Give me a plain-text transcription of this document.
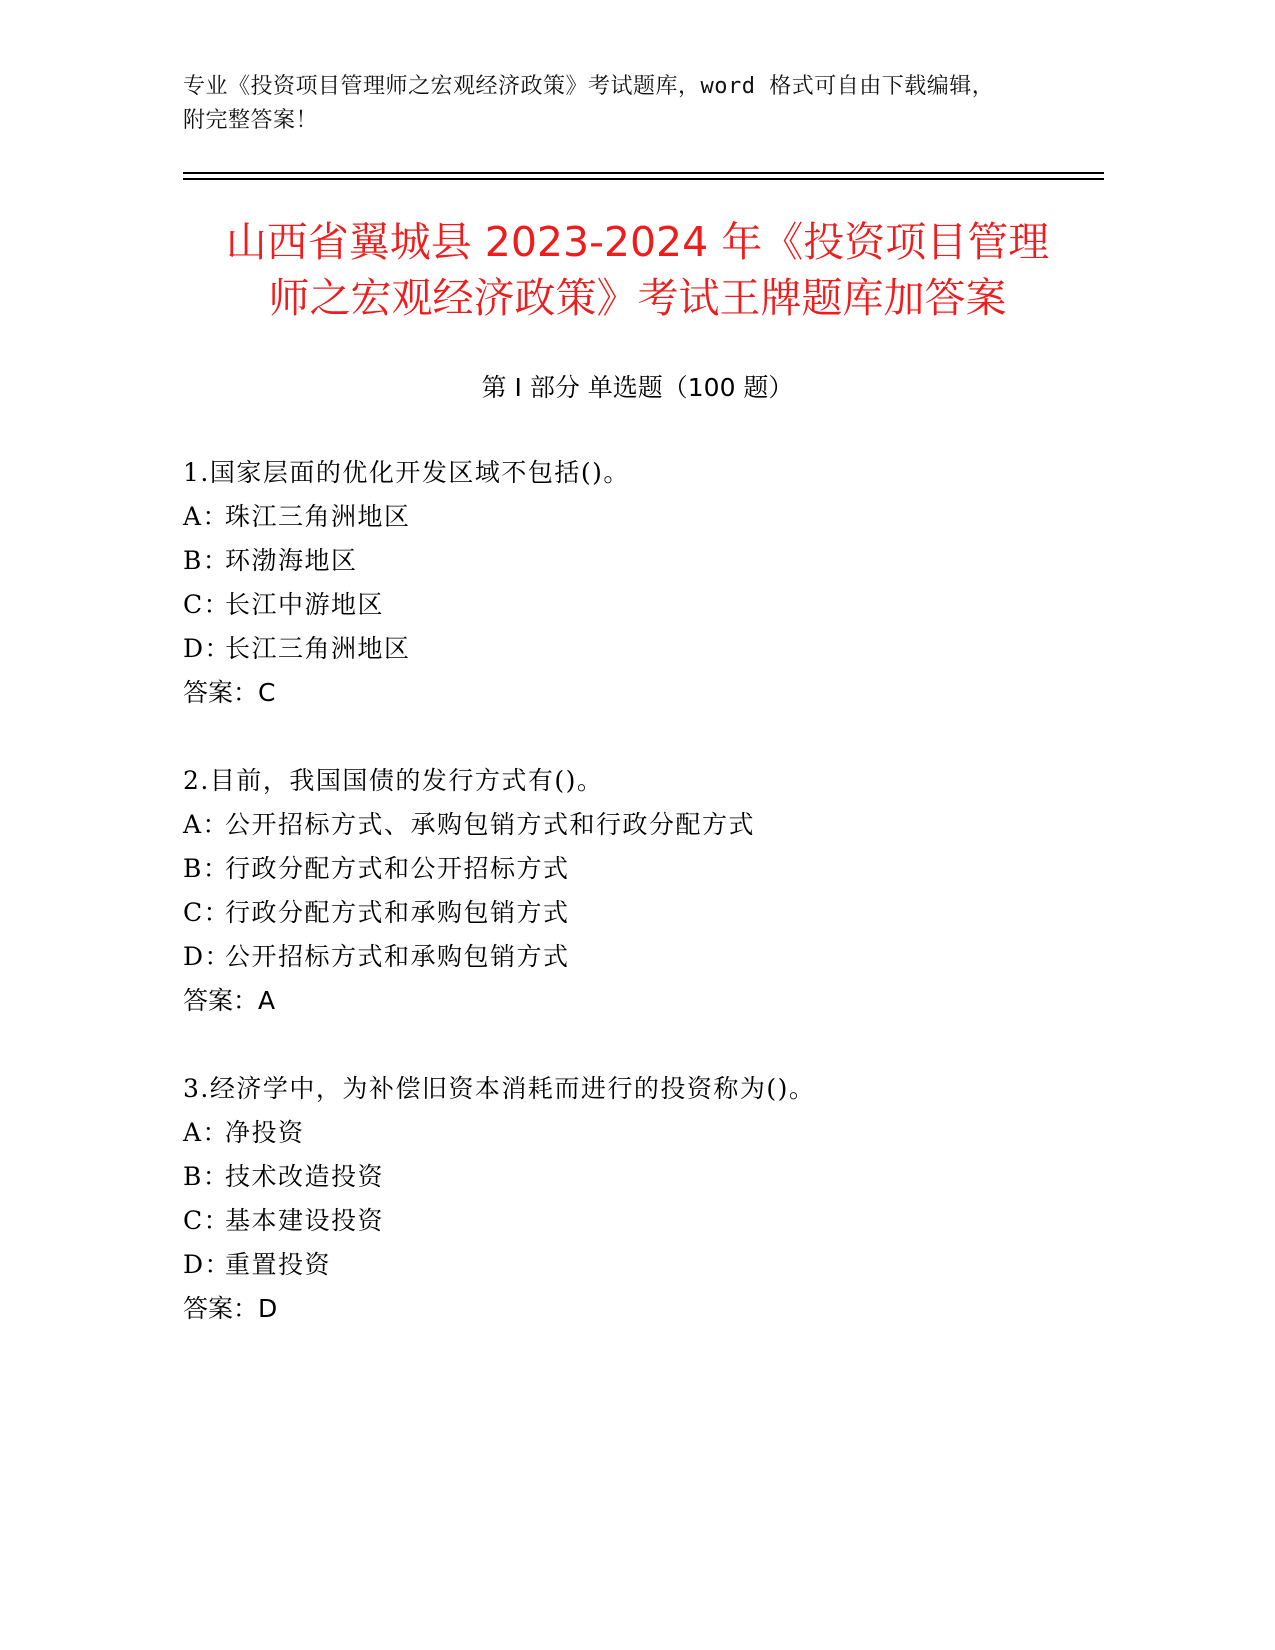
专业《投资项目管理师之宏观经济政策》考试题库，word 格式可自由下载编辑，
附完整答案！
山西省翼城县 2023-2024 年《投资项目管理
师之宏观经济政策》考试王牌题库加答案
第 I 部分 单选题（100 题）
1.国家层面的优化开发区域不包括()。
A：珠江三角洲地区
B：环渤海地区
C：长江中游地区
D：长江三角洲地区
答案：C
2.目前，我国国债的发行方式有()。
A：公开招标方式、承购包销方式和行政分配方式
B：行政分配方式和公开招标方式
C：行政分配方式和承购包销方式
D：公开招标方式和承购包销方式
答案：A
3.经济学中，为补偿旧资本消耗而进行的投资称为()。
A：净投资
B：技术改造投资
C：基本建设投资
D：重置投资
答案：D
